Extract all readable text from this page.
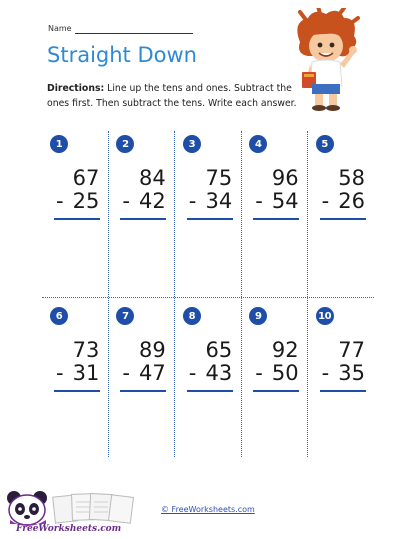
Name
Straight Down
Directions: Line up the tens and ones. Subtract the ones first. Then subtract the tens. Write each answer.
1
67
- 25
2
84
- 42
3
75
- 34
4
96
- 54
5
58
- 26
6
73
- 31
7
89
- 47
8
65
- 43
9
92
- 50
10
77
- 35
FreeWorksheets.com
© FreeWorksheets.com
